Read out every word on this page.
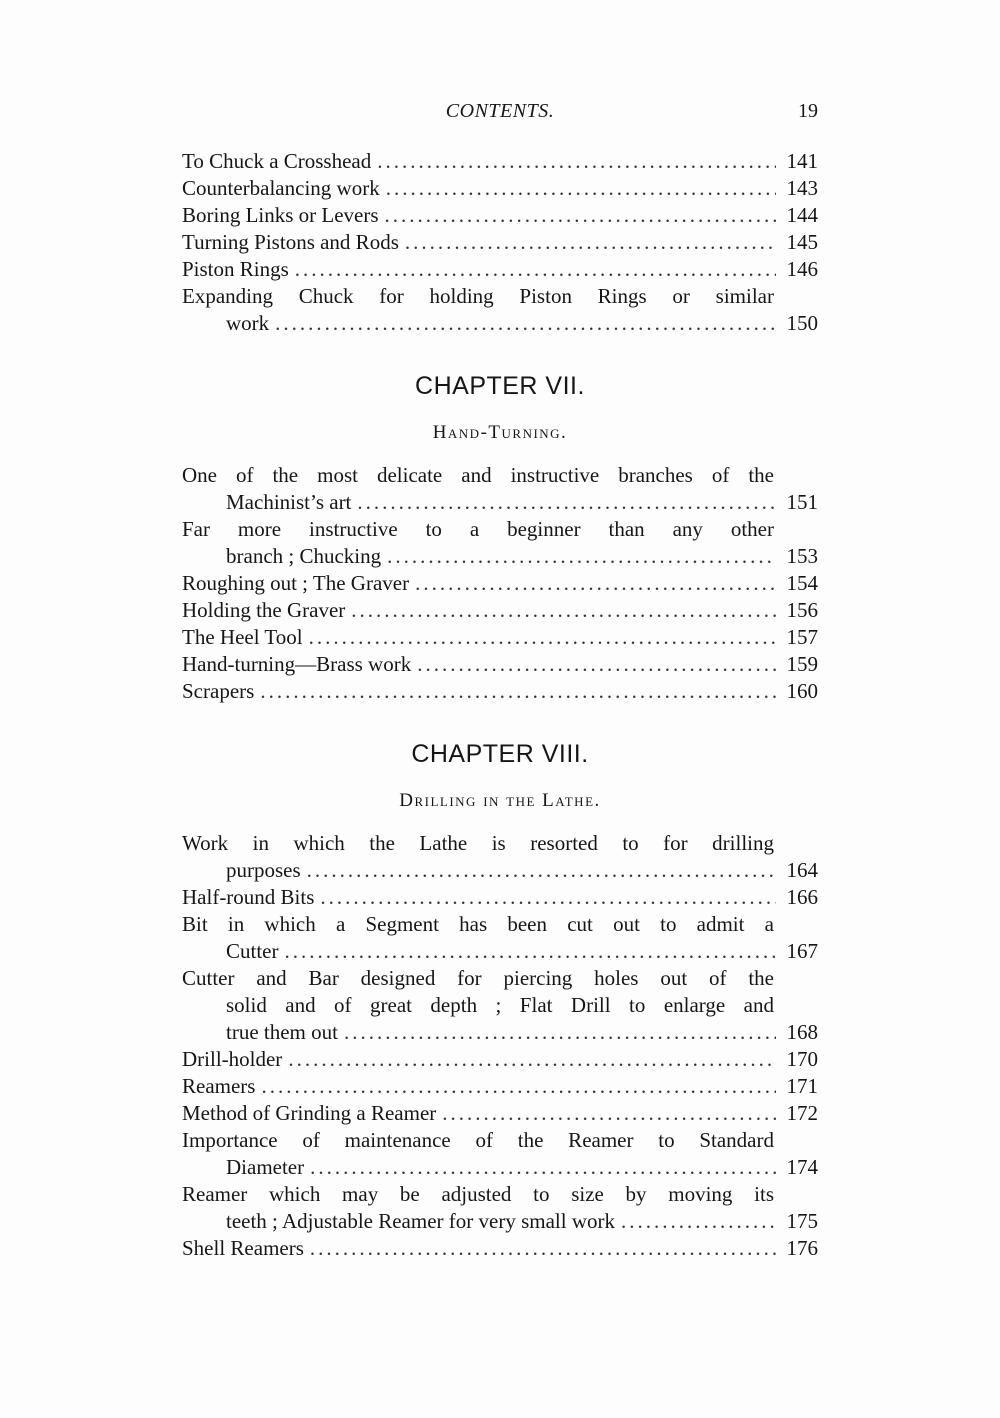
CONTENTS.	19
To Chuck a Crosshead .....	141
Counterbalancing work .....	143
Boring Links or Levers .....	144
Turning Pistons and Rods .....	145
Piston Rings .....	146
Expanding Chuck for holding Piston Rings or similar
work .....	150
CHAPTER VII.
Hand-Turning.
One of the most delicate and instructive branches of the
Machinist’s art .....	151
Far more instructive to a beginner than any other
branch ; Chucking .....	153
Roughing out ; The Graver .....	154
Holding the Graver .....	156
The Heel Tool .....	157
Hand-turning—Brass work .....	159
Scrapers .....	160
CHAPTER VIII.
Drilling in the Lathe.
Work in which the Lathe is resorted to for drilling
purposes .....	164
Half-round Bits .....	166
Bit in which a Segment has been cut out to admit a
Cutter .....	167
Cutter and Bar designed for piercing holes out of the
solid and of great depth ; Flat Drill to enlarge and
true them out .....	168
Drill-holder .....	170
Reamers .....	171
Method of Grinding a Reamer .....	172
Importance of maintenance of the Reamer to Standard
Diameter .....	174
Reamer which may be adjusted to size by moving its
teeth ; Adjustable Reamer for very small work .....	175
Shell Reamers .....	176
